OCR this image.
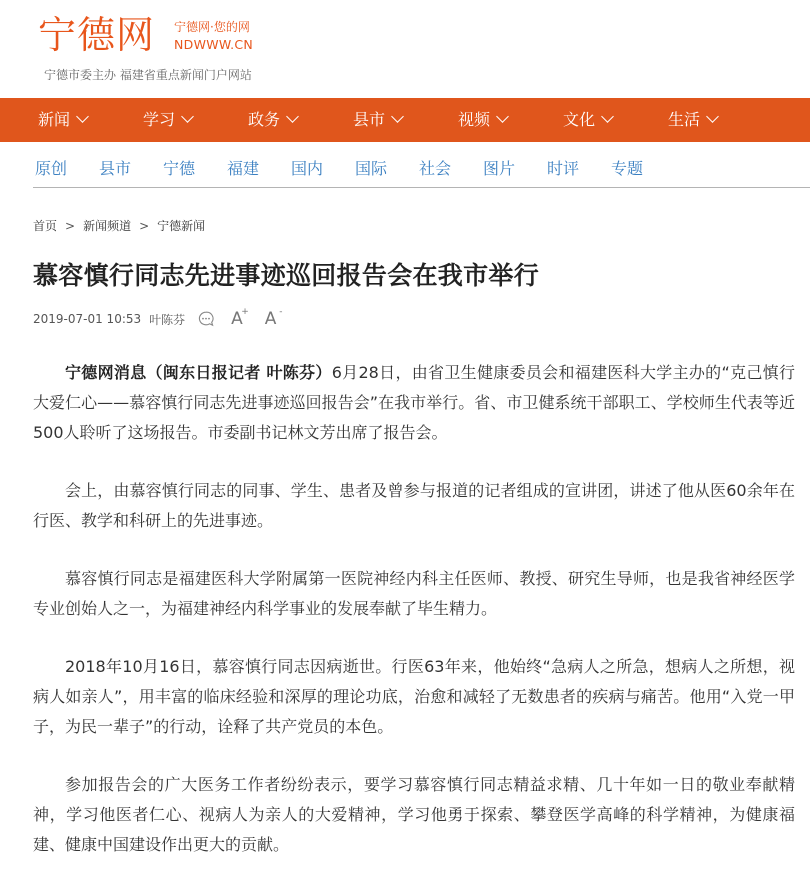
宁德网 宁德网·您的网
NDWWW.CN
宁德市委主办 福建省重点新闻门户网站
新闻	学习	政务	县市	视频	文化	生活
原创 县市 宁德 福建 国内 国际 社会 图片 时评 专题
首页 > 新闻频道 > 宁德新闻
慕容慎行同志先进事迹巡回报告会在我市举行
2019-07-01 10:53 叶陈芬	A
+ A -

宁德网消息（闽东日报记者 叶陈芬）6月28日，由省卫生健康委员会和福建医科大学主办的“克己慎行 大爱仁心——慕容慎行同志先进事迹巡回报告会”在我市举行。省、市卫健系统干部职工、学校师生代表等近500人聆听了这场报告。市委副书记林文芳出席了报告会。

会上，由慕容慎行同志的同事、学生、患者及曾参与报道的记者组成的宣讲团，讲述了他从医60余年在行医、教学和科研上的先进事迹。

慕容慎行同志是福建医科大学附属第一医院神经内科主任医师、教授、研究生导师，也是我省神经医学专业创始人之一，为福建神经内科学事业的发展奉献了毕生精力。

2018年10月16日，慕容慎行同志因病逝世。行医63年来，他始终“急病人之所急，想病人之所想，视病人如亲人”，用丰富的临床经验和深厚的理论功底，治愈和减轻了无数患者的疾病与痛苦。他用“入党一甲子，为民一辈子”的行动，诠释了共产党员的本色。

参加报告会的广大医务工作者纷纷表示，要学习慕容慎行同志精益求精、几十年如一日的敬业奉献精神，学习他医者仁心、视病人为亲人的大爱精神，学习他勇于探索、攀登医学高峰的科学精神，为健康福建、健康中国建设作出更大的贡献。
